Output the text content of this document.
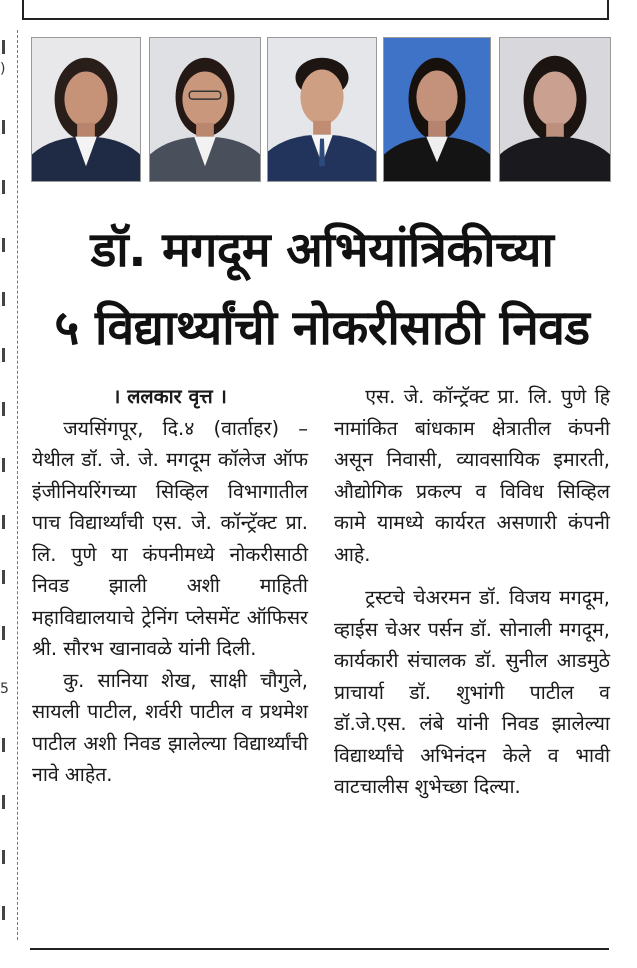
)
5
डॉ. मगदूम अभियांत्रिकीच्या
५ विद्यार्थ्यांची नोकरीसाठी निवड

। ललकार वृत्त ।

जयसिंगपूर, दि.४ (वार्ताहर) – येथील डॉ. जे. जे. मगदूम कॉलेज ऑफ इंजीनियरिंगच्या सिव्हिल विभागातील पाच विद्यार्थ्यांची एस. जे. कॉन्ट्रॅक्ट प्रा. लि. पुणे या कंपनीमध्ये नोकरीसाठी निवड झाली अशी माहिती महाविद्यालयाचे ट्रेनिंग प्लेसमेंट ऑफिसर श्री. सौरभ खानावळे यांनी दिली.

कु. सानिया शेख, साक्षी चौगुले, सायली पाटील, शर्वरी पाटील व प्रथमेश पाटील अशी निवड झालेल्या विद्यार्थ्यांची नावे आहेत.

एस. जे. कॉन्ट्रॅक्ट प्रा. लि. पुणे हि नामांकित बांधकाम क्षेत्रातील कंपनी असून निवासी, व्यावसायिक इमारती, औद्योगिक प्रकल्प व विविध सिव्हिल कामे यामध्ये कार्यरत असणारी कंपनी आहे.

ट्रस्टचे चेअरमन डॉ. विजय मगदूम, व्हाईस चेअर पर्सन डॉ. सोनाली मगदूम, कार्यकारी संचालक डॉ. सुनील आडमुठे प्राचार्या डॉ. शुभांगी पाटील व डॉ.जे.एस. लंबे यांनी निवड झालेल्या विद्यार्थ्यांचे अभिनंदन केले व भावी वाटचालीस शुभेच्छा दिल्या.
